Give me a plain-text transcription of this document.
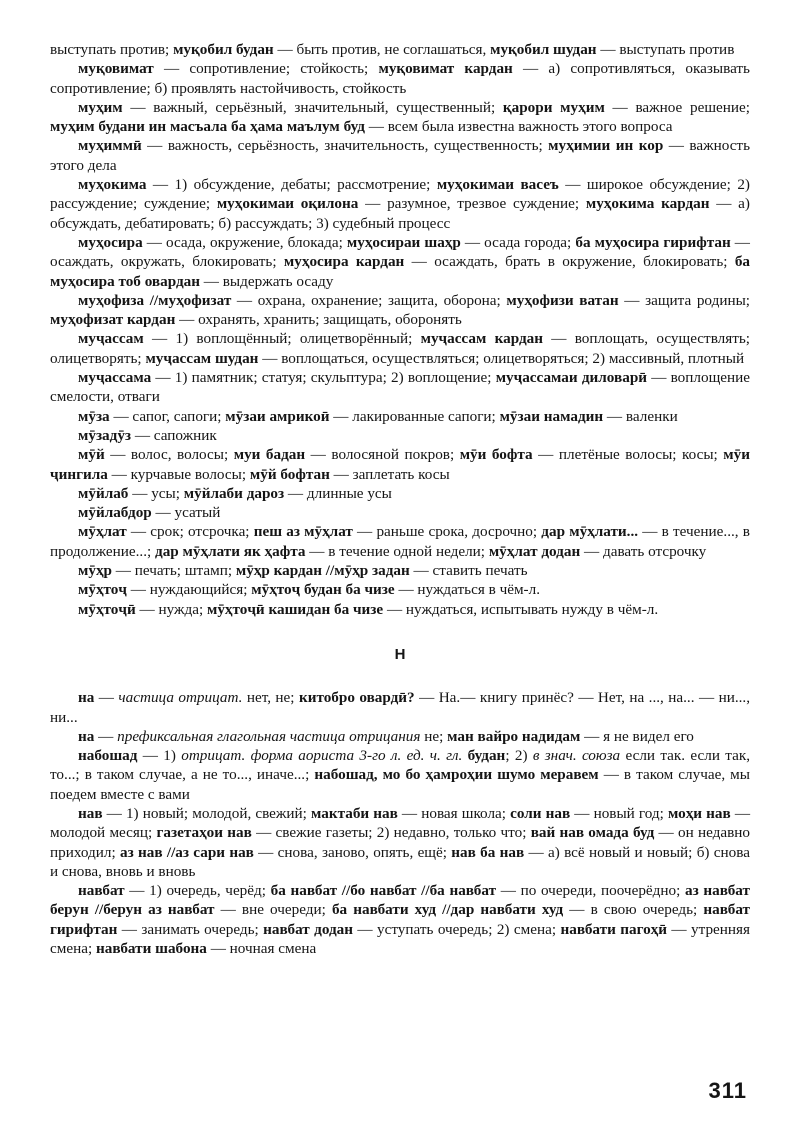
выступать против; муқобил будан — быть против, не соглашаться, муқобил шудан — выступать против

муқовимат — сопротивление; стойкость; муқовимат кардан — а) сопротивляться, оказывать сопротивление; б) проявлять настойчивость, стойкость

муҳим — важный, серьёзный, значительный, существенный; қарори муҳим — важное решение; муҳим будани ин масъала ба ҳама маълум буд — всем была известна важность этого вопроса

муҳиммӣ — важность, серьёзность, значительность, существенность; муҳимии ин кор — важность этого дела

муҳокима — 1) обсуждение, дебаты; рассмотрение; муҳокимаи васеъ — широкое обсуждение; 2) рассуждение; суждение; муҳокимаи оқилона — разумное, трезвое суждение; муҳокима кардан — а) обсуждать, дебатировать; б) рассуждать; 3) судебный процесс

муҳосира — осада, окружение, блокада; муҳосираи шаҳр — осада города; ба муҳосира гирифтан — осаждать, окружать, блокировать; муҳосира кардан — осаждать, брать в окружение, блокировать; ба муҳосира тоб овардан — выдержать осаду

муҳофиза //муҳофизат — охрана, охранение; защита, оборона; муҳофизи ватан — защита родины; муҳофизат кардан — охранять, хранить; защищать, оборонять

муҷассам — 1) воплощённый; олицетворённый; муҷассам кардан — воплощать, осуществлять; олицетворять; муҷассам шудан — воплощаться, осуществляться; олицетворяться; 2) массивный, плотный

муҷассама — 1) памятник; статуя; скульптура; 2) воплощение; муҷассамаи диловарӣ — воплощение смелости, отваги

мӯза — сапог, сапоги; мӯзаи амрикоӣ — лакированные сапоги; мӯзаи намадин — валенки

мӯзадӯз — сапожник

мӯй — волос, волосы; муи бадан — волосяной покров; мӯи бофта — плетёные волосы; косы; мӯи ҷингила — курчавые волосы; мӯй бофтан — заплетать косы

мӯйлаб — усы; мӯйлаби дароз — длинные усы

мӯйлабдор — усатый

мӯҳлат — срок; отсрочка; пеш аз мӯҳлат — раньше срока, досрочно; дар мӯҳлати... — в течение..., в продолжение...; дар мӯҳлати як ҳафта — в течение одной недели; мӯҳлат додан — давать отсрочку

мӯҳр — печать; штамп; мӯҳр кардан //мӯҳр задан — ставить печать

мӯҳтоҷ — нуждающийся; мӯҳтоҷ будан ба чизе — нуждаться в чём-л.

мӯҳтоҷӣ — нужда; мӯҳтоҷӣ кашидан ба чизе — нуждаться, испытывать нужду в чём-л.

Н

на — частица отрицат. нет, не; китобро овардӣ? — На.— книгу принёс? — Нет, на ..., на... — ни..., ни...

на — префиксальная глагольная частица отрицания не; ман вайро надидам — я не видел его

набошад — 1) отрицат. форма аориста 3-го л. ед. ч. гл. будан; 2) в знач. союза если так. если так, то...; в таком случае, а не то..., иначе...; набошад, мо бо ҳамроҳии шумо меравем — в таком случае, мы поедем вместе с вами

нав — 1) новый; молодой, свежий; мактаби нав — новая школа; соли нав — новый год; моҳи нав — молодой месяц; газетаҳои нав — свежие газеты; 2) недавно, только что; вай нав омада буд — он недавно приходил; аз нав //аз сари нав — снова, заново, опять, ещё; нав ба нав — а) всё новый и новый; б) снова и снова, вновь и вновь

навбат — 1) очередь, черёд; ба навбат //бо навбат //ба навбат — по очереди, поочерёдно; аз навбат берун //берун аз навбат — вне очереди; ба навбати худ //дар навбати худ — в свою очередь; навбат гирифтан — занимать очередь; навбат додан — уступать очередь; 2) смена; навбати пагоҳӣ — утренняя смена; навбати шабона — ночная смена

311
